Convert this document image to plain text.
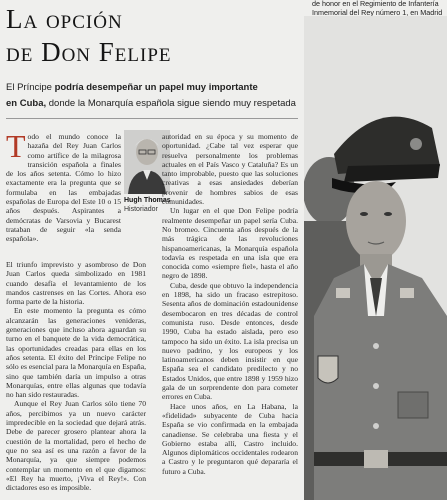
La opción
de Don Felipe
El Príncipe podría desempeñar un papel muy importante
en Cuba, donde la Monarquía española sigue siendo muy respetada

Todo el mundo conoce la hazaña del Rey Juan Carlos como artífice de la milagrosa transición española a finales de los años setenta. Cómo lo hizo exactamente era la pregunta que se formulaba en las embajadas españolas de Europa del Este 10 o 15 años después. Aspirantes a demócratas de Varsovia y Bucarest trataban de seguir «la senda española».

Hugh Thomas
Historiador

El triunfo imprevisto y asombroso de Don Juan Carlos queda simbolizado en 1981 cuando desafía el levantamiento de los mandos castrenses en las Cortes. Ahora eso forma parte de la historia.

En este momento la pregunta es cómo alcanzarán las generaciones venideras, generaciones que incluso ahora aguardan su turno en el banquete de la vida democrática, las oportunidades creadas para ellas en los años setenta. El éxito del Príncipe Felipe no sólo es esencial para la Monarquía en España, sino que también daría un impulso a otras Monarquías, entre ellas algunas que todavía no han sido restauradas.

Aunque el Rey Juan Carlos sólo tiene 70 años, percibimos ya un nuevo carácter impredecible en la sociedad que dejará atrás. Debe de parecer grosero plantear ahora la cuestión de la mortalidad, pero el hecho de que no sea así es una razón a favor de la Monarquía, ya que siempre podemos contemplar un momento en el que digamos: «El Rey ha muerto, ¡Viva el Rey!». Con dictadores eso es imposible.

autoridad en su época y su momento de oportunidad. ¿Cabe tal vez esperar que resuelva personalmente los problemas actuales en el País Vasco y Cataluña? Es un tanto improbable, puesto que las soluciones creativas a esas ansiedades deberían provenir de hombres sabios de esas comunidades.

Un lugar en el que Don Felipe podría realmente desempeñar un papel sería Cuba. No bromeo. Cincuenta años después de la más trágica de las revoluciones hispanoamericanas, la Monarquía española todavía es respetada en una isla que era conocida como «siempre fiel», hasta el año negro de 1898.

Cuba, desde que obtuvo la independencia en 1898, ha sido un fracaso estrepitoso. Sesenta años de dominación estadounidense desembocaron en tres décadas de control comunista ruso. Desde entonces, desde 1990, Cuba ha estado aislada, pero eso tampoco ha sido un éxito. La isla precisa un nuevo padrino, y los europeos y los latinoamericanos deben insistir en que España sea el candidato predilecto y no Estados Unidos, que entre 1898 y 1959 hizo gala de un sorprendente don para cometer errores en Cuba.

Hace unos años, en La Habana, la «fidelidad» subyacente de Cuba hacia España se vio confirmada en la embajada canadiense. Se celebraba una fiesta y el Gobierno estaba allí, Castro incluido. Algunos diplomáticos occidentales rodearon a Castro y le preguntaron qué depararía el futuro a Cuba.

de honor en el Regimiento de Infantería
Inmemorial del Rey número 1, en Madrid
